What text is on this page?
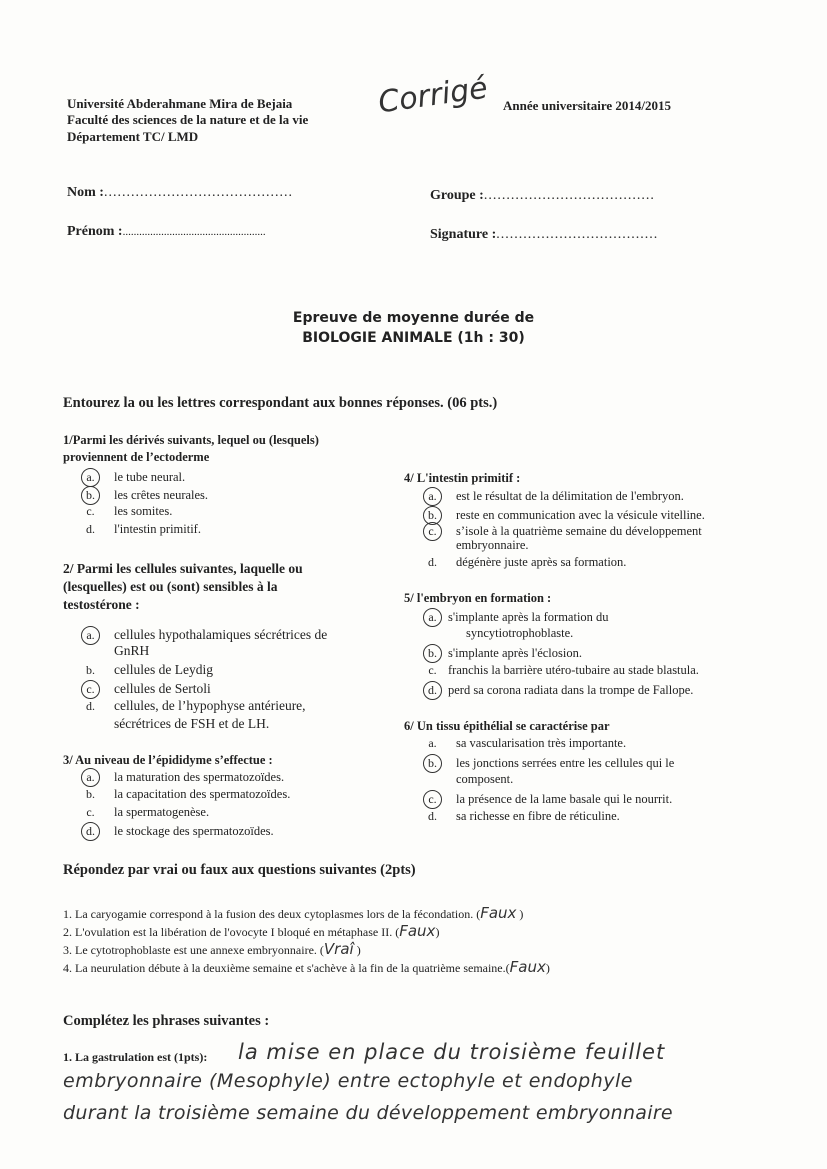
Université Abderahmane Mira de Bejaia
Faculté des sciences de la nature et de la vie
Département TC/ LMD
Corrigé Année universitaire 2014/2015
Nom :..........................................	Groupe :......................................
Prénom :....................................................	Signature :....................................
Epreuve de moyenne durée de
BIOLOGIE ANIMALE (1h : 30)
Entourez la ou les lettres correspondant aux bonnes réponses. (06 pts.)
1/Parmi les dérivés suivants, lequel ou (lesquels)
proviennent de l’ectoderme
a. le tube neural.
b. les crêtes neurales.
c. les somites.
d. l'intestin primitif.
2/ Parmi les cellules suivantes, laquelle ou
(lesquelles) est ou (sont) sensibles à la
testostérone :
a. cellules hypothalamiques sécrétrices de
GnRH
b. cellules de Leydig
c. cellules de Sertoli
d. cellules, de l’hypophyse antérieure,
sécrétrices de FSH et de LH.
3/ Au niveau de l’épididyme s’effectue :
a. la maturation des spermatozoïdes.
b. la capacitation des spermatozoïdes.
c. la spermatogenèse.
d. le stockage des spermatozoïdes.
4/ L'intestin primitif :
a. est le résultat de la délimitation de l'embryon.
b. reste en communication avec la vésicule vitelline.
c. s’isole à la quatrième semaine du développement
embryonnaire.
d. dégénère juste après sa formation.
5/ l'embryon en formation :
a. s'implante après la formation du
syncytiotrophoblaste.
b. s'implante après l'éclosion.
c. franchis la barrière utéro-tubaire au stade blastula.
d. perd sa corona radiata dans la trompe de Fallope.
6/ Un tissu épithélial se caractérise par
a. sa vascularisation très importante.
b. les jonctions serrées entre les cellules qui le
composent.
c. la présence de la lame basale qui le nourrit.
d. sa richesse en fibre de réticuline.
Répondez par vrai ou faux aux questions suivantes (2pts)
1. La caryogamie correspond à la fusion des deux cytoplasmes lors de la fécondation. (Faux )
2. L'ovulation est la libération de l'ovocyte I bloqué en métaphase II. (Faux)
3. Le cytotrophoblaste est une annexe embryonnaire. (Vraî )
4. La neurulation débute à la deuxième semaine et s'achève à la fin de la quatrième semaine.(Faux)
Complétez les phrases suivantes :
1. La gastrulation est (1pts): la mise en place du troisième feuillet
embryonnaire (Mesophyle) entre ectophyle et endophyle
durant la troisième semaine du développement embryonnaire
